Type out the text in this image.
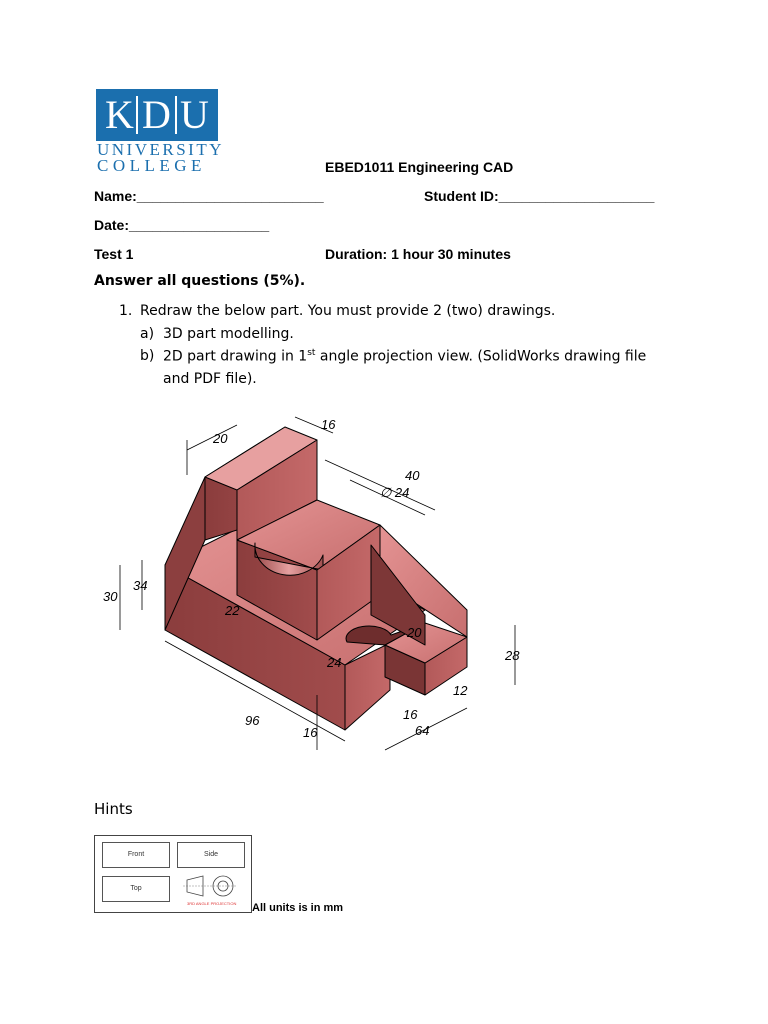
K D U
UNIVERSITY
COLLEGE	EBED1011 Engineering CAD
Name:________________________	Student ID:____________________
Date:__________________
Test 1	Duration: 1 hour 30 minutes
Answer all questions (5%).
1. Redraw the below part. You must provide 2 (two) drawings.
a) 3D part modelling.
b) 2D part drawing in 1st angle projection view. (SolidWorks drawing file
and PDF file).
20
16
40
∅ 24
30
34
22
20
28
24
12
16
96
16	64
Hints
Front	Side
Top
3RD ANGLE PROJECTION All units is in mm
